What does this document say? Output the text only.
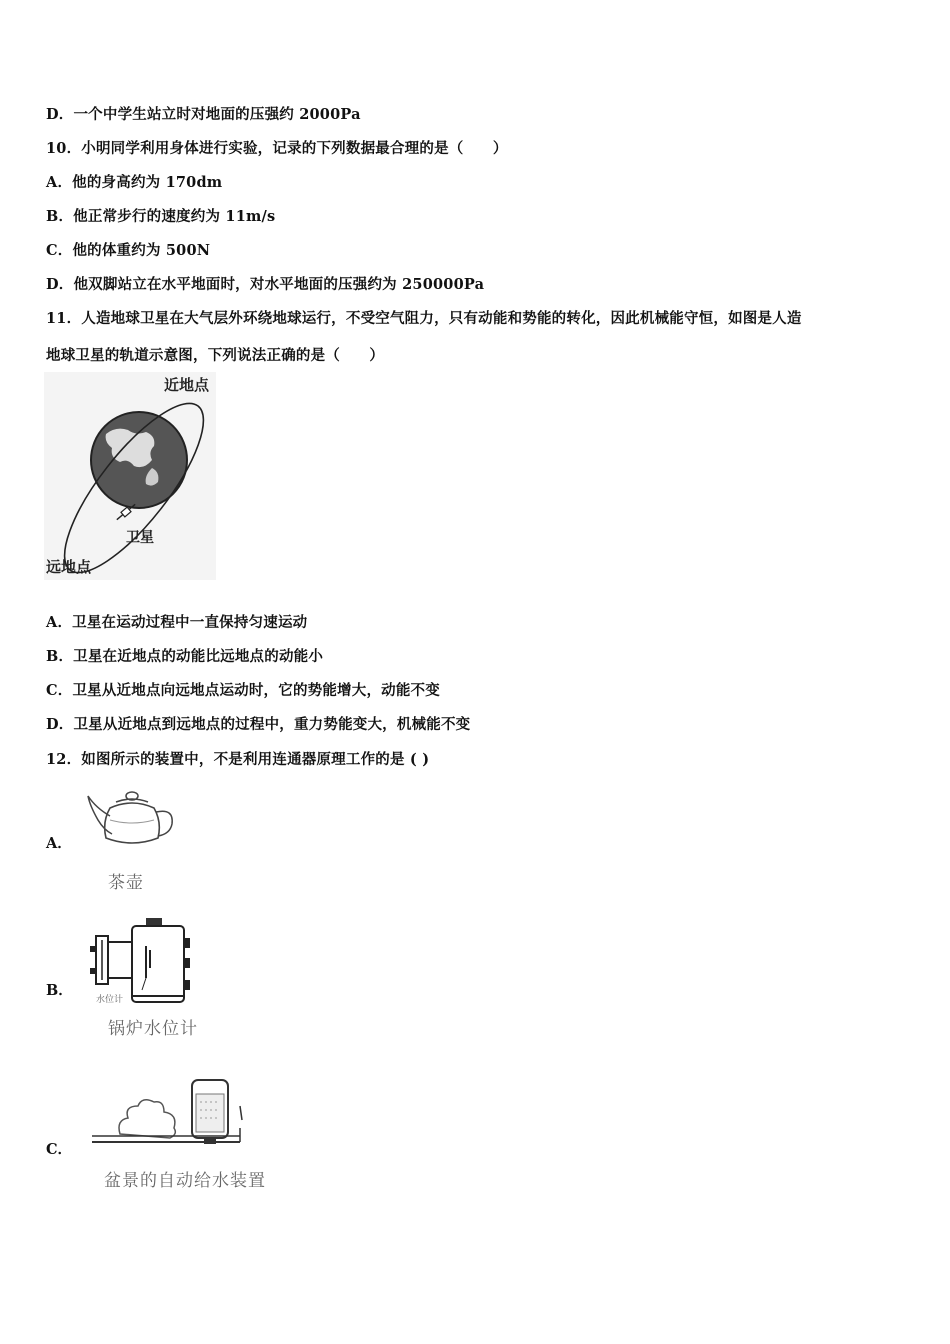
D．一个中学生站立时对地面的压强约 2000Pa
10．小明同学利用身体进行实验，记录的下列数据最合理的是（　　）
A．他的身高约为 170dm
B．他正常步行的速度约为 11m/s
C．他的体重约为 500N
D．他双脚站立在水平地面时，对水平地面的压强约为 250000Pa
11．人造地球卫星在大气层外环绕地球运行，不受空气阻力，只有动能和势能的转化，因此机械能守恒，如图是人造
地球卫星的轨道示意图，下列说法正确的是（　　）
近地点
卫星
远地点
A．卫星在运动过程中一直保持匀速运动
B．卫星在近地点的动能比远地点的动能小
C．卫星从近地点向远地点运动时，它的势能增大，动能不变
D．卫星从近地点到远地点的过程中，重力势能变大，机械能不变
12．如图所示的装置中，不是利用连通器原理工作的是 ( )
A．
茶壶
B．
水位计
锅炉水位计
C．
盆景的自动给水装置
